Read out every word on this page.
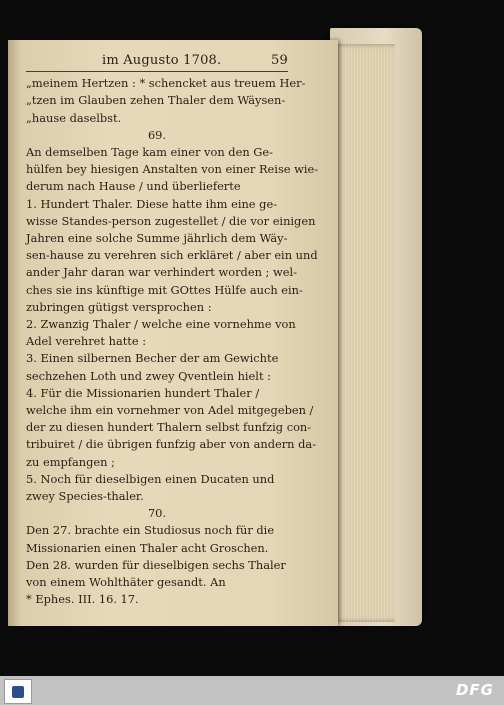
im Augusto 1708.	59
„meinem Hertzen : * schencket aus treuem Her-
„tzen im Glauben zehen Thaler dem Wäysen-
„hause daselbst.
69.
An demselben Tage kam einer von den Ge-
hülfen bey hiesigen Anstalten von einer Reise wie-
derum nach Hause / und überlieferte
1. Hundert Thaler. Diese hatte ihm eine ge-
wisse Standes-person zugestellet / die vor einigen
Jahren eine solche Summe jährlich dem Wäy-
sen-hause zu verehren sich erkläret / aber ein und
ander Jahr daran war verhindert worden ; wel-
ches sie ins künftige mit GOttes Hülfe auch ein-
zubringen gütigst versprochen :
2. Zwanzig Thaler / welche eine vornehme von
Adel verehret hatte :
3. Einen silbernen Becher der am Gewichte
sechzehen Loth und zwey Qventlein hielt :
4. Für die Missionarien hundert Thaler /
welche ihm ein vornehmer von Adel mitgegeben /
der zu diesen hundert Thalern selbst funfzig con-
tribuiret / die übrigen funfzig aber von andern da-
zu empfangen ;
5. Noch für dieselbigen einen Ducaten und
zwey Species-thaler.
70.
Den 27. brachte ein Studiosus noch für die
Missionarien einen Thaler acht Groschen.
Den 28. wurden für dieselbigen sechs Thaler
von einem Wohlthäter gesandt. An
* Ephes. III. 16. 17.
DFG
